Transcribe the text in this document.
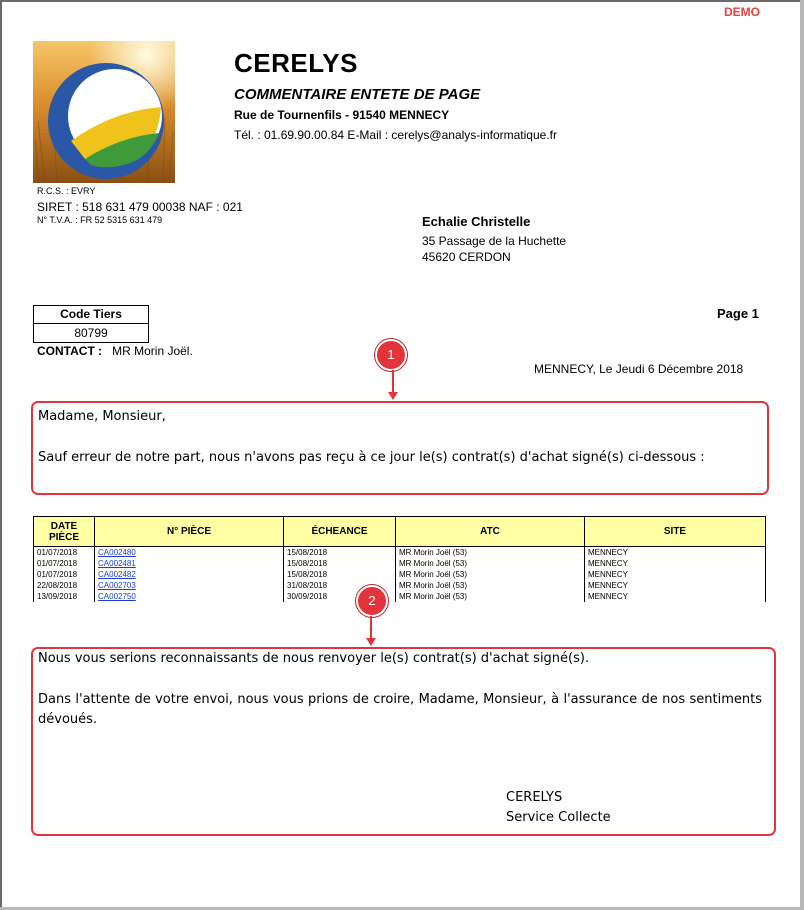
DEMO
CERELYS
COMMENTAIRE ENTETE DE PAGE
Rue de Tournenfils - 91540 MENNECY
Tél. : 01.69.90.00.84 E-Mail : cerelys@analys-informatique.fr
R.C.S. : EVRY
SIRET : 518 631 479 00038 NAF : 021
N° T.V.A. : FR 52 5315 631 479	Echalie Christelle
35 Passage de la Huchette
45620 CERDON
Code Tiers
80799
CONTACT : MR Morin Joël.
Page 1
MENNECY, Le Jeudi 6 Décembre 2018
1
Madame, Monsieur,
Sauf erreur de notre part, nous n'avons pas reçu à ce jour le(s) contrat(s) d'achat signé(s) ci-dessous :
DATE
PIÈCE	N° PIÈCE	ÉCHEANCE	ATC	SITE
01/07/2018	CA002480	15/08/2018	MR Morin Joël (53)	MENNECY
01/07/2018	CA002481	15/08/2018	MR Morin Joël (53)	MENNECY
01/07/2018	CA002482	15/08/2018	MR Morin Joël (53)	MENNECY
22/08/2018	CA002703	31/08/2018	MR Morin Joël (53)	MENNECY
13/09/2018	CA002750	30/09/2018	MR Morin Joël (53)	MENNECY
2
Nous vous serions reconnaissants de nous renvoyer le(s) contrat(s) d'achat signé(s).
Dans l'attente de votre envoi, nous vous prions de croire, Madame, Monsieur, à l'assurance de nos sentiments dévoués.
CERELYS
Service Collecte
